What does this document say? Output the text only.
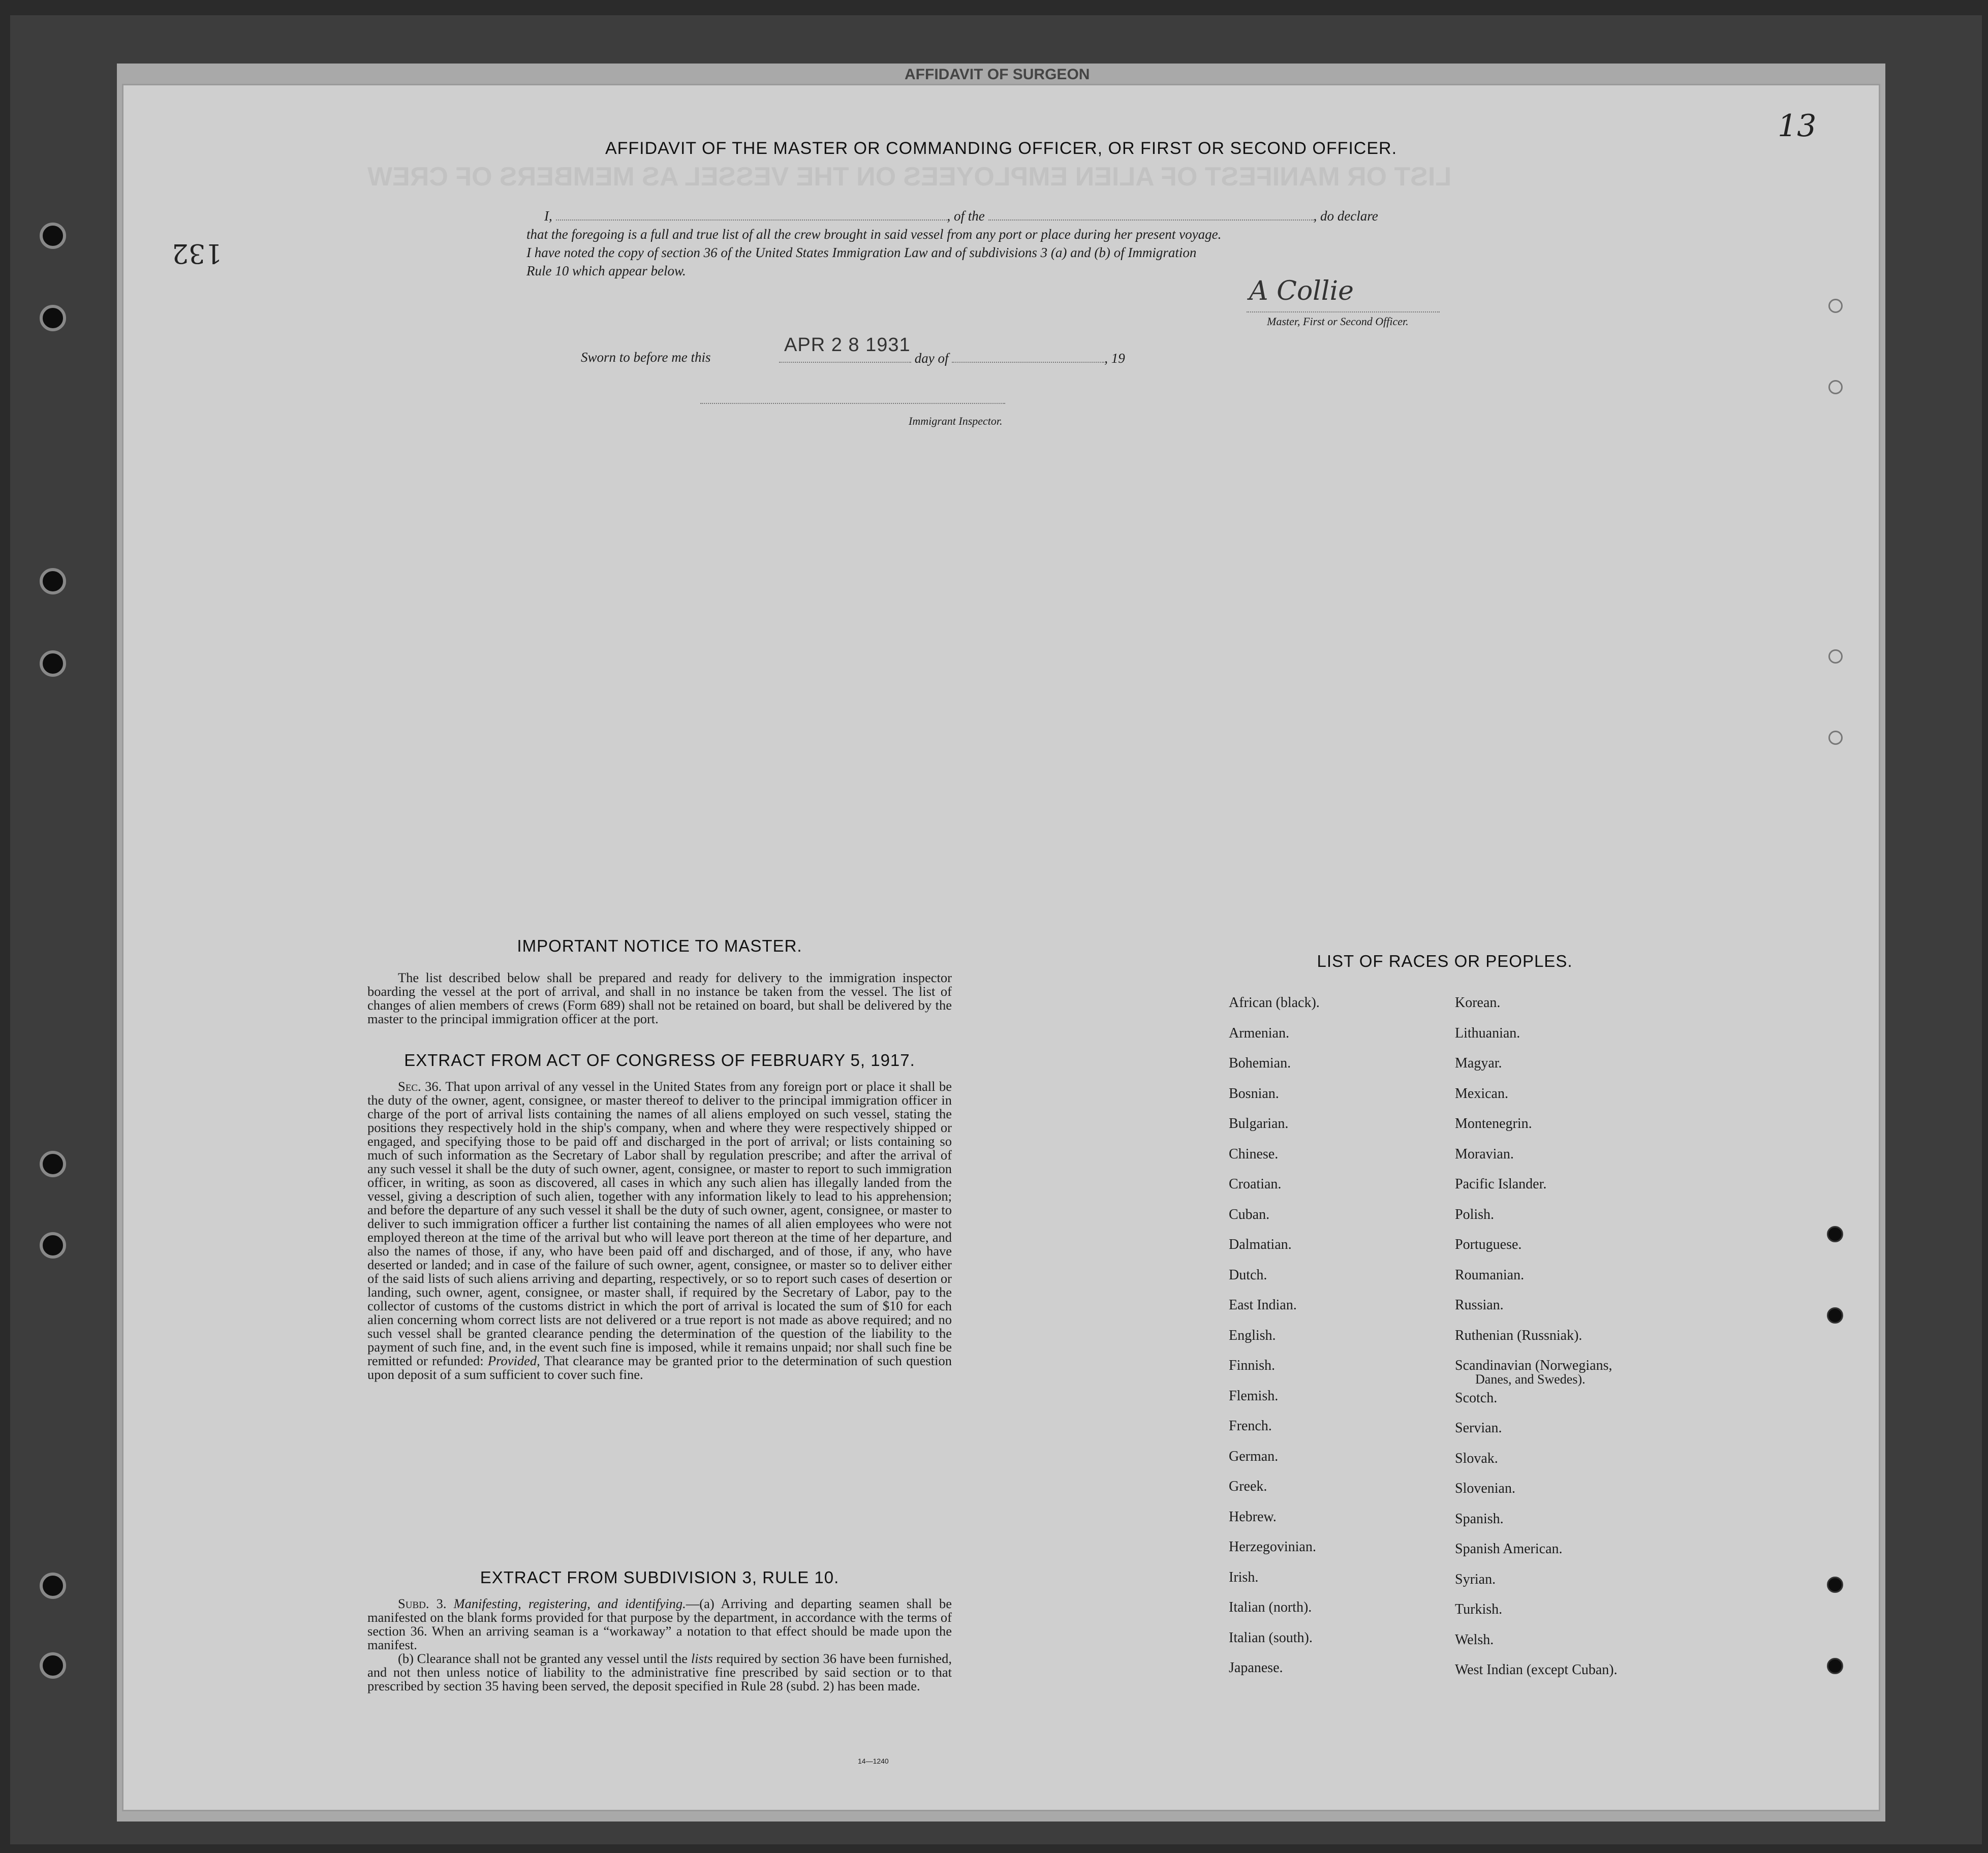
AFFIDAVIT OF SURGEON
LIST OR MANIFEST OF ALIEN EMPLOYEES ON THE VESSEL AS MEMBERS OF CREW
132
13
AFFIDAVIT OF THE MASTER OR COMMANDING OFFICER, OR FIRST OR SECOND OFFICER.
I,	, of the	, do declare
that the foregoing is a full and true list of all the crew brought in said vessel from any port or place during her present voyage.
I have noted the copy of section 36 of the United States Immigration Law and of subdivisions 3 (a) and (b) of Immigration
Rule 10 which appear below.
A Collie
Master, First or Second Officer.
Sworn to before me this
APR 2 8 1931
day of	, 19
Immigrant Inspector.
IMPORTANT NOTICE TO MASTER.

The list described below shall be prepared and ready for delivery to the immigration inspector boarding the vessel at the port of arrival, and shall in no instance be taken from the vessel. The list of changes of alien members of crews (Form 689) shall not be retained on board, but shall be delivered by the master to the principal immigration officer at the port.

EXTRACT FROM ACT OF CONGRESS OF FEBRUARY 5, 1917.

Sec. 36. That upon arrival of any vessel in the United States from any foreign port or place it shall be the duty of the owner, agent, consignee, or master thereof to deliver to the principal immigration officer in charge of the port of arrival lists containing the names of all aliens employed on such vessel, stating the positions they respectively hold in the ship's company, when and where they were respectively shipped or engaged, and specifying those to be paid off and discharged in the port of arrival; or lists containing so much of such information as the Secretary of Labor shall by regulation prescribe; and after the arrival of any such vessel it shall be the duty of such owner, agent, consignee, or master to report to such immigration officer, in writing, as soon as discovered, all cases in which any such alien has illegally landed from the vessel, giving a description of such alien, together with any information likely to lead to his apprehension; and before the departure of any such vessel it shall be the duty of such owner, agent, consignee, or master to deliver to such immigration officer a further list containing the names of all alien employees who were not employed thereon at the time of the arrival but who will leave port thereon at the time of her departure, and also the names of those, if any, who have been paid off and discharged, and of those, if any, who have deserted or landed; and in case of the failure of such owner, agent, consignee, or master so to deliver either of the said lists of such aliens arriving and departing, respectively, or so to report such cases of desertion or landing, such owner, agent, consignee, or master shall, if required by the Secretary of Labor, pay to the collector of customs of the customs district in which the port of arrival is located the sum of $10 for each alien concerning whom correct lists are not delivered or a true report is not made as above required; and no such vessel shall be granted clearance pending the determination of the question of the liability to the payment of such fine, and, in the event such fine is imposed, while it remains unpaid; nor shall such fine be remitted or refunded: Provided, That clearance may be granted prior to the determination of such question upon deposit of a sum sufficient to cover such fine.

EXTRACT FROM SUBDIVISION 3, RULE 10.

Subd. 3. Manifesting, registering, and identifying.—(a) Arriving and departing seamen shall be manifested on the blank forms provided for that purpose by the department, in accordance with the terms of section 36. When an arriving seaman is a “workaway” a notation to that effect should be made upon the manifest.

(b) Clearance shall not be granted any vessel until the lists required by section 36 have been furnished, and not then unless notice of liability to the administrative fine prescribed by said section or to that prescribed by section 35 having been served, the deposit specified in Rule 28 (subd. 2) has been made.

14—1240
LIST OF RACES OR PEOPLES.
African (black).
Armenian.
Bohemian.
Bosnian.
Bulgarian.
Chinese.
Croatian.
Cuban.
Dalmatian.
Dutch.
East Indian.
English.
Finnish.
Flemish.
French.
German.
Greek.
Hebrew.
Herzegovinian.
Irish.
Italian (north).
Italian (south).
Japanese.
Korean.
Lithuanian.
Magyar.
Mexican.
Montenegrin.
Moravian.
Pacific Islander.
Polish.
Portuguese.
Roumanian.
Russian.
Ruthenian (Russniak).
Scandinavian (Norwegians,
Scotch.
Servian.
Slovak.
Slovenian.
Spanish.
Spanish American.
Syrian.
Turkish.
Welsh.
West Indian (except Cuban).
Danes, and Swedes).
